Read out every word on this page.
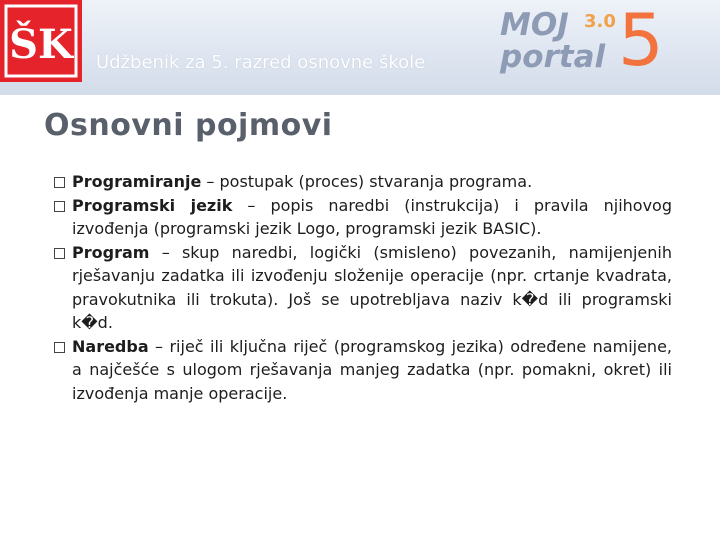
ŠK Udžbenik za 5. razred osnovne škole
MOJ 3.0
portal 5
Osnovni pojmovi
Programiranje – postupak (proces) stvaranja programa.
Programski jezik – popis naredbi (instrukcija) i pravila njihovog izvođenja (programski jezik Logo, programski jezik BASIC).
Program – skup naredbi, logički (smisleno) povezanih, namijenjenih rješavanju zadatka ili izvođenju složenije operacije (npr. crtanje kvadrata, pravokutnika ili trokuta). Još se upotrebljava naziv k�d ili programski k�d.
Naredba – riječ ili ključna riječ (programskog jezika) određene namijene, a najčešće s ulogom rješavanja manjeg zadatka (npr. pomakni, okret) ili izvođenja manje operacije.
